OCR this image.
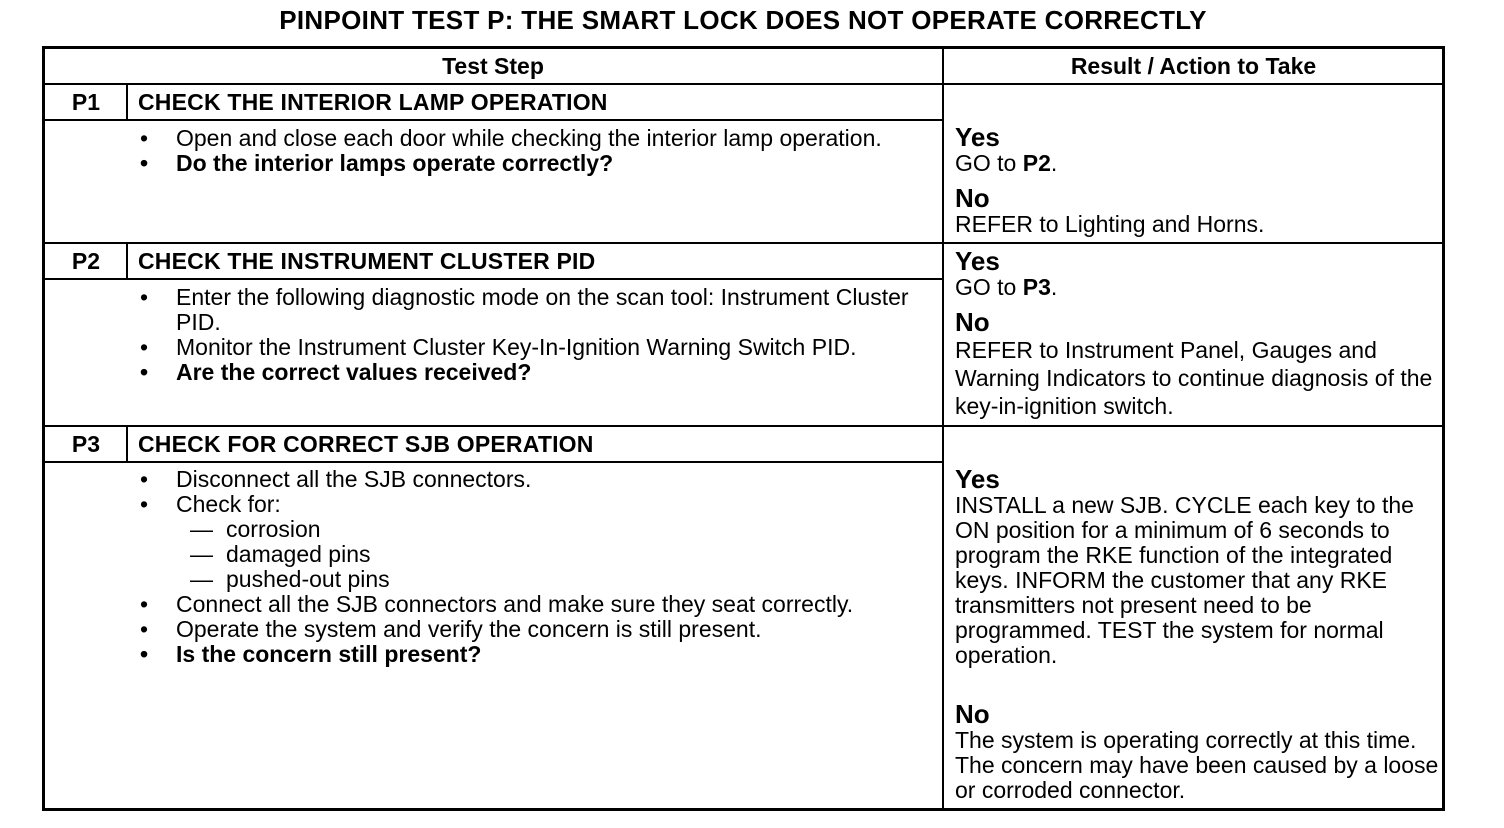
PINPOINT TEST P: THE SMART LOCK DOES NOT OPERATE CORRECTLY
Test Step	Result / Action to Take
P1	CHECK THE INTERIOR LAMP OPERATION
• Open and close each door while checking the interior lamp operation.
• Do the interior lamps operate correctly?
Yes
GO to P2.
No
REFER to Lighting and Horns.
P2	CHECK THE INSTRUMENT CLUSTER PID
• Enter the following diagnostic mode on the scan tool: Instrument Cluster PID.
• Monitor the Instrument Cluster Key-In-Ignition Warning Switch PID.
• Are the correct values received?
Yes
GO to P3.
No
REFER to Instrument Panel, Gauges and Warning Indicators to continue diagnosis of the key-in-ignition switch.
P3	CHECK FOR CORRECT SJB OPERATION
• Disconnect all the SJB connectors.
• Check for:
— corrosion
— damaged pins
— pushed-out pins
• Connect all the SJB connectors and make sure they seat correctly.
• Operate the system and verify the concern is still present.
• Is the concern still present?
Yes
INSTALL a new SJB. CYCLE each key to the ON position for a minimum of 6 seconds to program the RKE function of the integrated keys. INFORM the customer that any RKE transmitters not present need to be programmed. TEST the system for normal operation.
No
The system is operating correctly at this time. The concern may have been caused by a loose or corroded connector.
